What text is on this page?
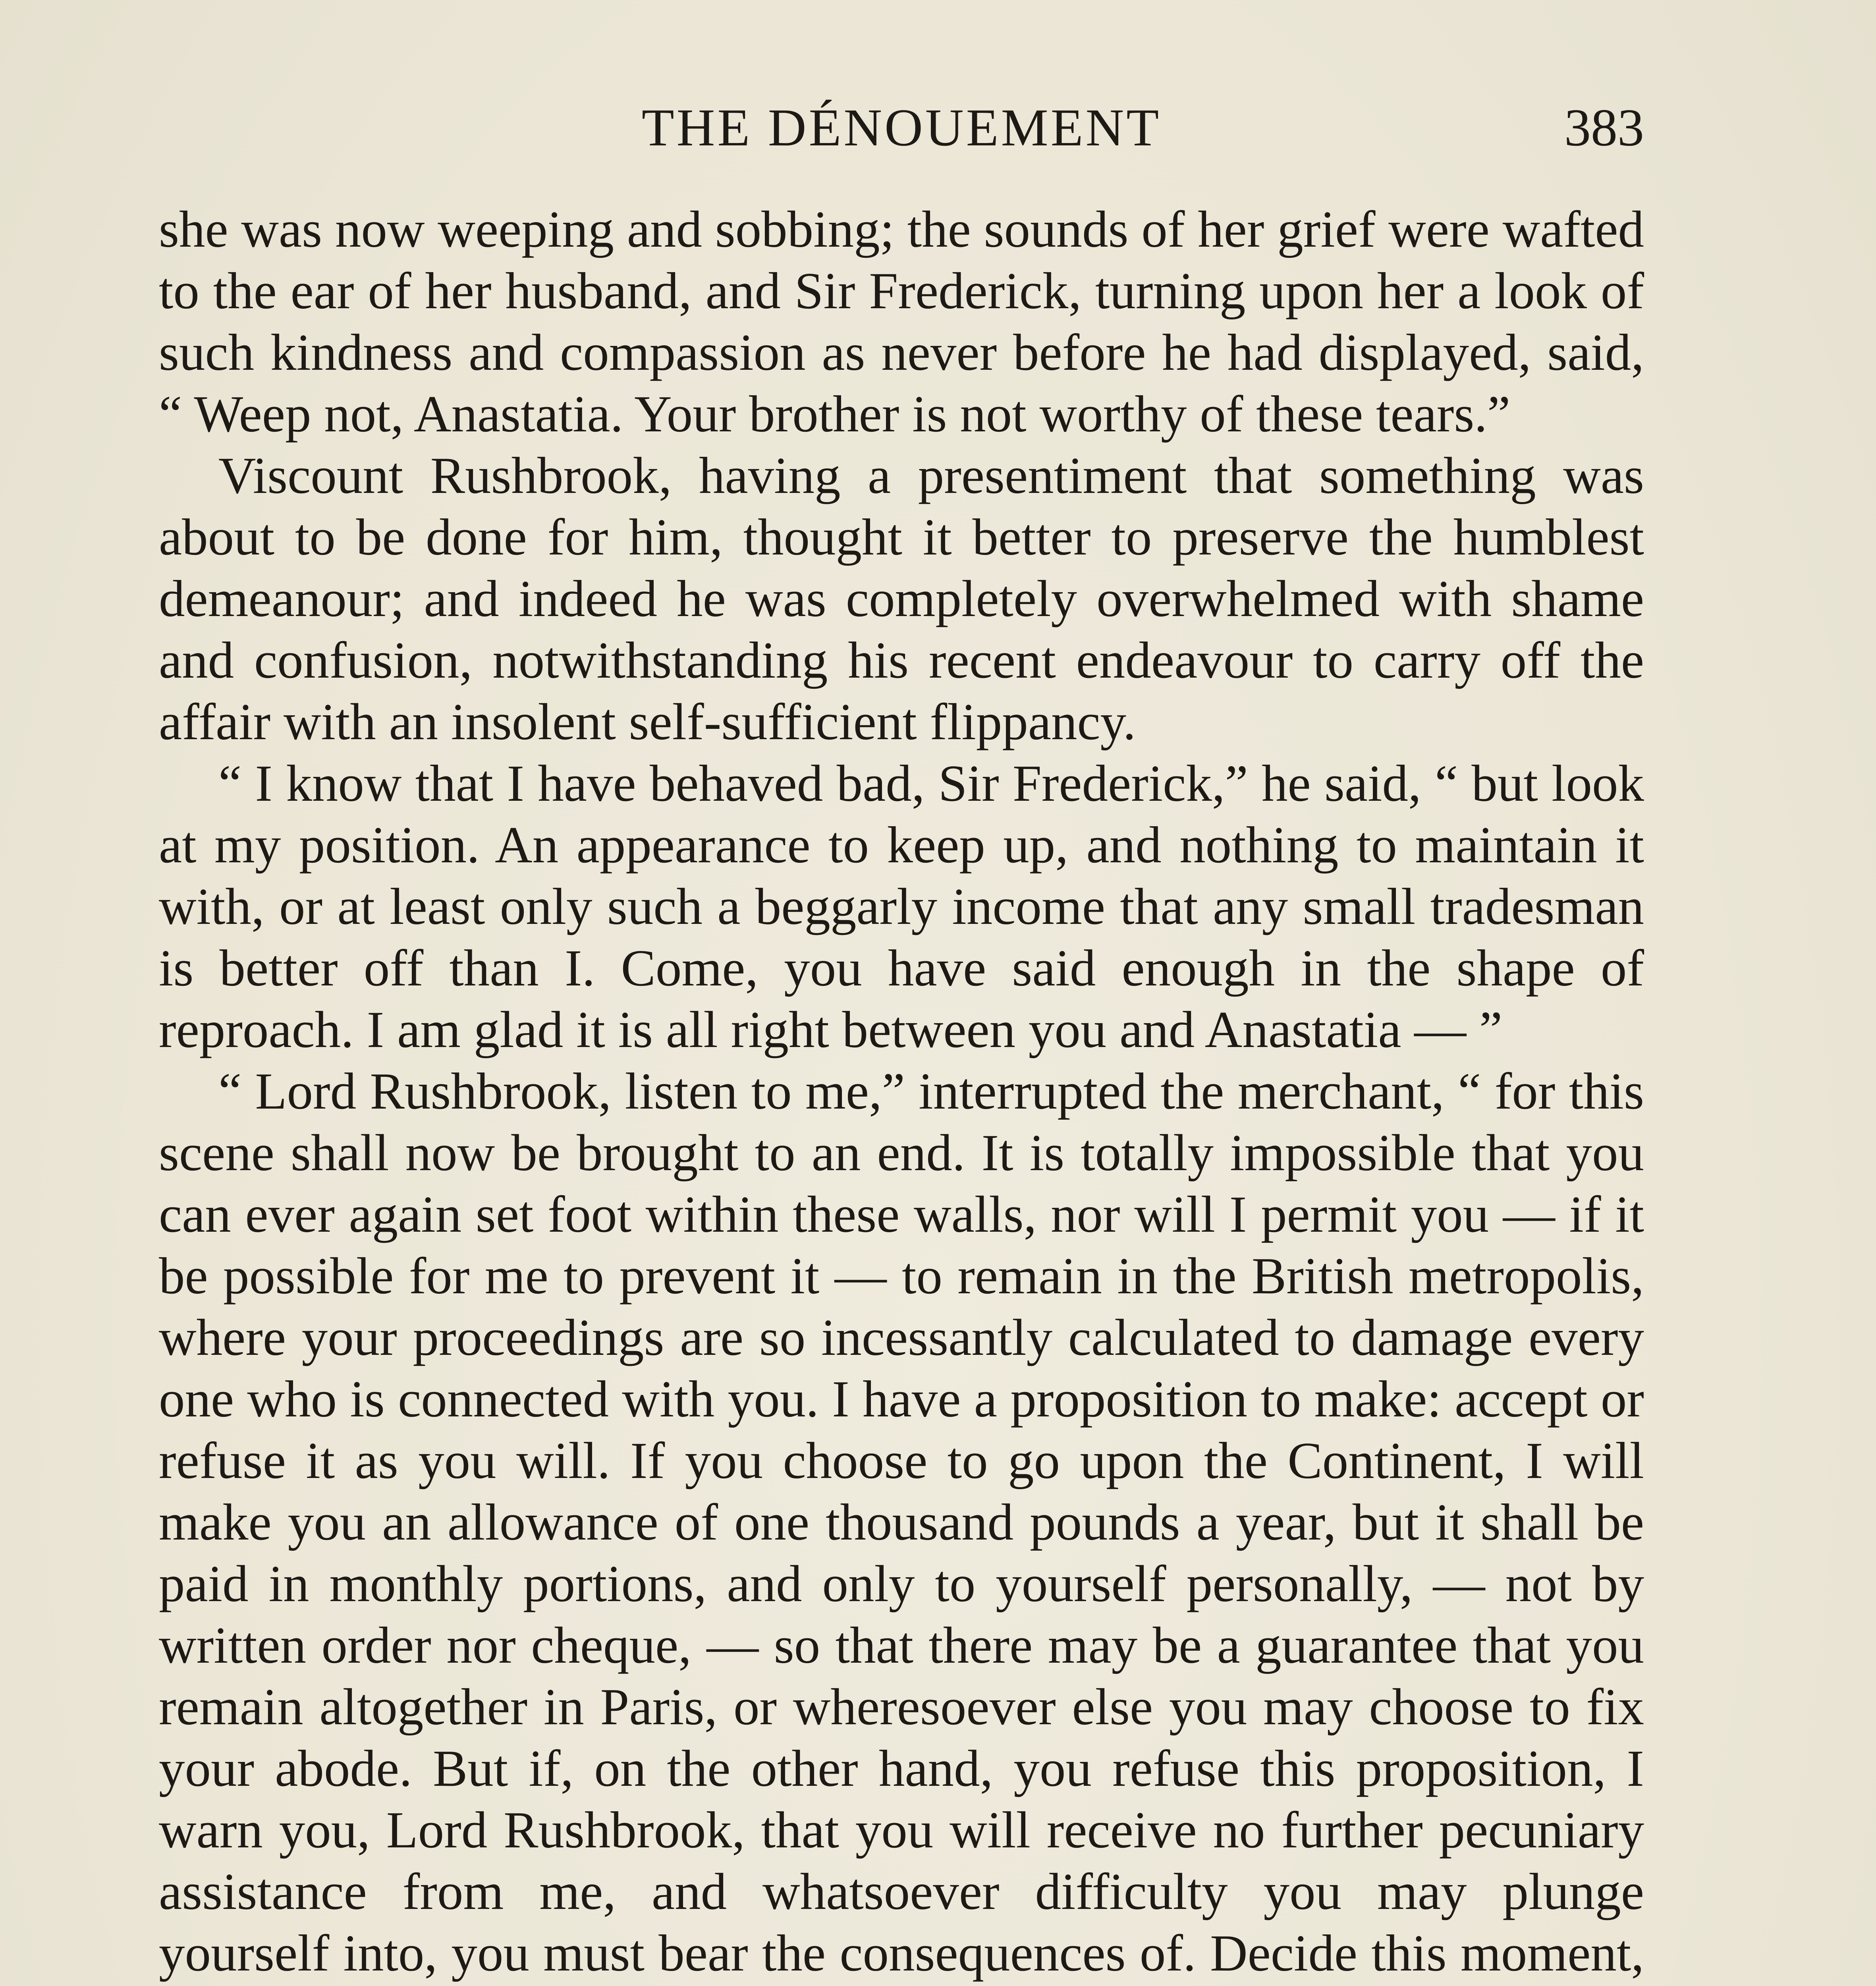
THE DÉNOUEMENT	383

she was now weeping and sobbing; the sounds of her grief were wafted to the ear of her husband, and Sir Frederick, turning upon her a look of such kindness and compassion as never before he had displayed, said, “ Weep not, Anastatia. Your brother is not worthy of these tears.”

Viscount Rushbrook, having a presentiment that something was about to be done for him, thought it better to preserve the humblest demeanour; and indeed he was completely overwhelmed with shame and confusion, notwithstanding his recent endeavour to carry off the affair with an insolent self-sufficient flippancy.

“ I know that I have behaved bad, Sir Frederick,” he said, “ but look at my position. An appearance to keep up, and nothing to maintain it with, or at least only such a beggarly income that any small tradesman is better off than I. Come, you have said enough in the shape of reproach. I am glad it is all right between you and Anastatia — ”

“ Lord Rushbrook, listen to me,” interrupted the merchant, “ for this scene shall now be brought to an end. It is totally impossible that you can ever again set foot within these walls, nor will I permit you — if it be possible for me to prevent it — to remain in the British metropolis, where your proceedings are so incessantly calculated to damage every one who is connected with you. I have a proposition to make: accept or refuse it as you will. If you choose to go upon the Continent, I will make you an allowance of one thousand pounds a year, but it shall be paid in monthly portions, and only to yourself personally, — not by written order nor cheque, — so that there may be a guarantee that you remain altogether in Paris, or wheresoever else you may choose to fix your abode. But if, on the other hand, you refuse this proposition, I warn you, Lord Rushbrook, that you will receive no further pecuniary assistance from me, and whatsoever difficulty you may plunge yourself into, you must bear the consequences of. Decide this moment,
